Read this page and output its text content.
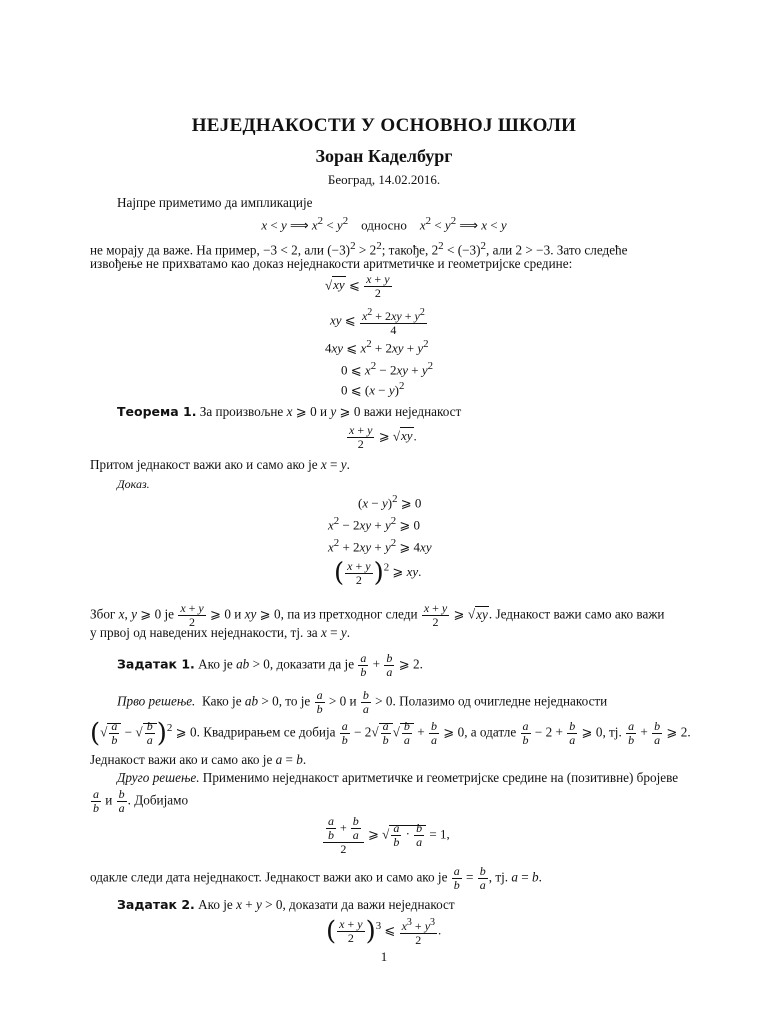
НЕЈЕДНАКОСТИ У ОСНОВНОЈ ШКОЛИ
Зоран Каделбург
Београд, 14.02.2016.
Најпре приметимо да импликације
x < y ⟹ $x^2 < y^2$ односно $x^2 < y^2$ ⟹ x < y
не морају да важе. На пример, −3 < 2, али $(-3)^2 > 2^2$; такође, $2^2 < (-3)^2$, али 2 > −3. Зато следеће
извођење не прихватамо као доказ неједнакости аритметичке и геометријске средине:
√xy ⩽ $\frac{x + y}{2}$
xy ⩽ $\frac{x^2 + 2xy + y^2}{4}$
4xy ⩽ $x^2 + 2xy + y^2$
0 ⩽ $x^2 - 2xy + y^2$
0 ⩽ $(x - y)^2$
Теорема 1. За произвољне x ⩾ 0 и y ⩾ 0 важи неједнакост
$\frac{x + y}{2}$ ⩾ √xy.
Притом једнакост важи ако и само ако је x = y.
Доказ.
$(x - y)^2$ ⩾ 0
$x^2 - 2xy + y^2$ ⩾ 0
$x^2 + 2xy + y^2$ ⩾ 4xy
( $\frac{x + y}{2} )^2$ ⩾ xy.
Због x, y ⩾ 0 је $\frac{x + y}{2}$ ⩾ 0 и xy ⩾ 0, па из претходног следи $\frac{x + y}{2}$ ⩾ √xy. Једнакост важи само ако важи
у првој од наведених неједнакости, тј. за x = y.
Задатак 1. Ако је ab > 0, доказати да је $\frac{a}{b} + \frac{b}{a}$ ⩾ 2.
Прво решење. Како је ab > 0, то је $\frac{a}{b} > 0$ и $\frac{b}{a} > 0$. Полазимо од очигледне неједнакости
(√ $\frac{a}{b}$ − √ $\frac{b}{a} )^2$ ⩾ 0. Квадрирањем се добија $\frac{a}{b} - 2√ \frac{a}{b}$ √ $\frac{b}{a} + \frac{b}{a}$ ⩾ 0, а одатле $\frac{a}{b} - 2 + \frac{b}{a}$ ⩾ 0, тј. $\frac{a}{b} + \frac{b}{a}$ ⩾ 2.
Једнакост важи ако и само ако је a = b.
Друго решење. Применимо неједнакост аритметичке и геометријске средине на (позитивне) бројеве
$\frac{a}{b}$ и $\frac{b}{a}$ . Добијамо
$\frac{\frac{a}{b} + \frac{b}{a}}{2}$ ⩾ √ $\frac{a}{b} \cdot \frac{b}{a} = 1$,
одакле следи дата неједнакост. Једнакост важи ако и само ако је $\frac{a}{b} = \frac{b}{a}$ , тј. a = b.
Задатак 2. Ако је x + y > 0, доказати да важи неједнакост
( $\frac{x + y}{2} )^3$ ⩽ $\frac{x^3 + y^3}{2}$ .
1
